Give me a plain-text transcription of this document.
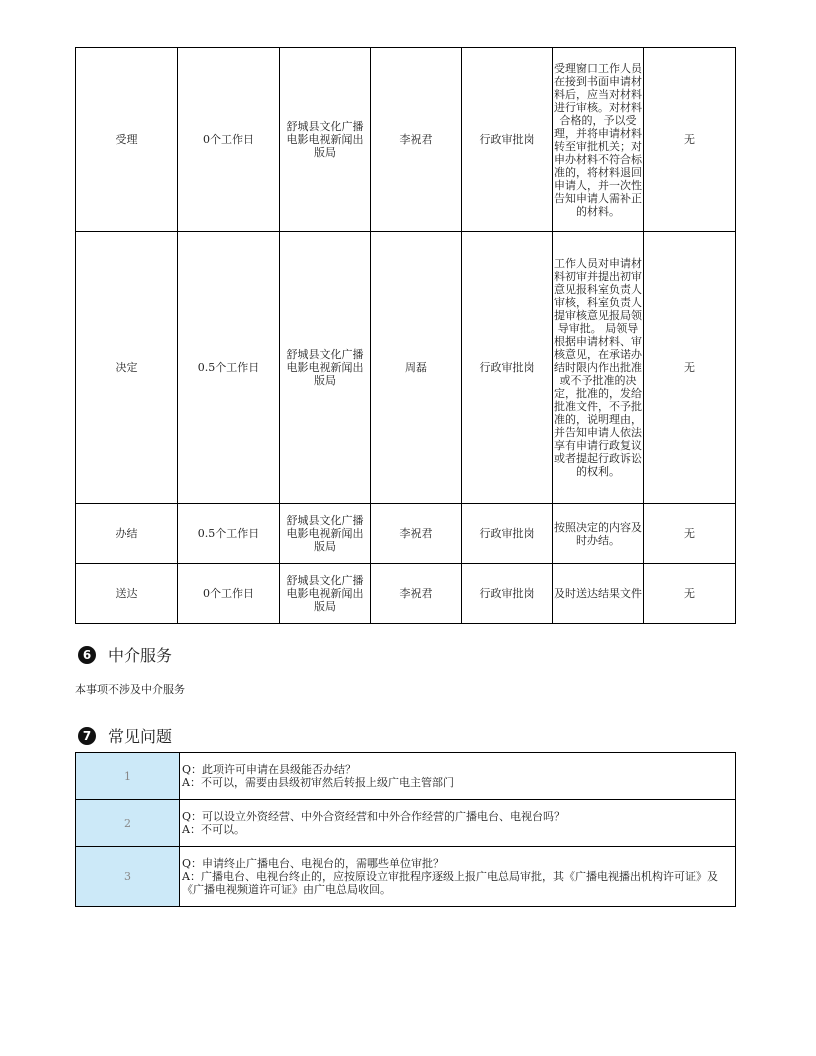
受理	0个工作日	舒城县文化广播电影电视新闻出版局	李祝君	行政审批岗	受理窗口工作人员在接到书面申请材料后，应当对材料进行审核。对材料合格的，予以受理，并将申请材料转至审批机关；对申办材料不符合标准的，将材料退回申请人，并一次性告知申请人需补正的材料。	无
决定	0.5个工作日	舒城县文化广播电影电视新闻出版局	周磊	行政审批岗	工作人员对申请材料初审并提出初审意见报科室负责人审核，科室负责人提审核意见报局领导审批。 局领导根据申请材料、审核意见，在承诺办结时限内作出批准或不予批准的决定，批准的，发给批准文件，不予批准的，说明理由，并告知申请人依法享有申请行政复议或者提起行政诉讼的权利。	无
办结	0.5个工作日	舒城县文化广播电影电视新闻出版局	李祝君	行政审批岗	按照决定的内容及时办结。	无
送达	0个工作日	舒城县文化广播电影电视新闻出版局	李祝君	行政审批岗	及时送达结果文件	无
6	中介服务
本事项不涉及中介服务
7	常见问题
1	Q：此项许可申请在县级能否办结？
A：不可以，需要由县级初审然后转报上级广电主管部门

2	Q：可以设立外资经营、中外合资经营和中外合作经营的广播电台、电视台吗？
A：不可以。

3	Q：申请终止广播电台、电视台的，需哪些单位审批？
A：广播电台、电视台终止的，应按原设立审批程序逐级上报广电总局审批，其《广播电视播出机构许可证》及《广播电视频道许可证》由广电总局收回。
